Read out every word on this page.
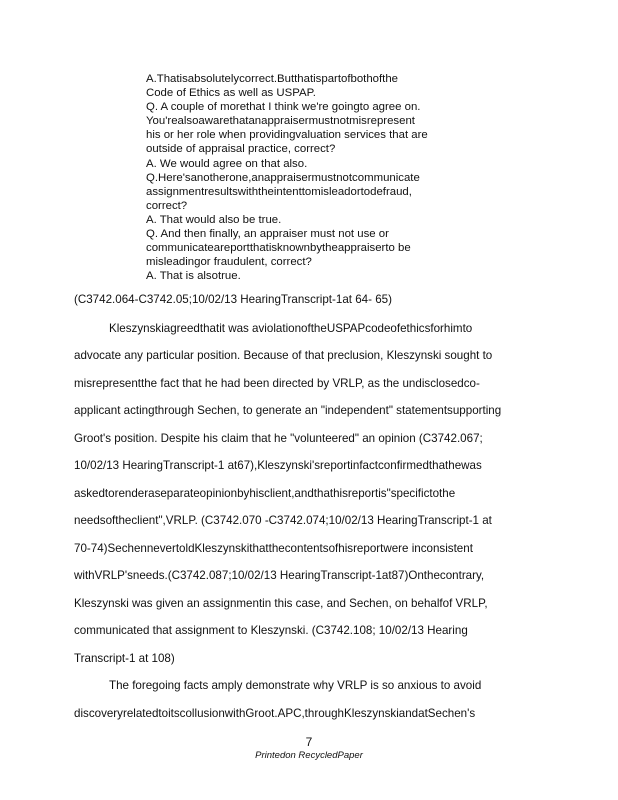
A.Thatisabsolutelycorrect.Butthatispartofbothofthe
Code of Ethics as well as USPAP.
Q. A couple of morethat I think we're goingto agree on.
You'realsoawarethatanappraisermustnotmisrepresent
his or her role when providingvaluation services that are
outside of appraisal practice, correct?
A. We would agree on that also.
Q.Here'sanotherone,anappraisermustnotcommunicate
assignmentresultswiththeintenttomisleadortodefraud,
correct?
A. That would also be true.
Q. And then finally, an appraiser must not use or
communicateareportthatisknownbytheappraiserto be
misleadingor fraudulent, correct?
A. That is alsotrue.
(C3742.064-C3742.05;10/02/13 HearingTranscript-1at 64- 65)
Kleszynskiagreedthatit was aviolationoftheUSPAPcodeofethicsforhimto
advocate any particular position. Because of that preclusion, Kleszynski sought to
misrepresentthe fact that he had been directed by VRLP, as the undisclosedco-
applicant actingthrough Sechen, to generate an "independent" statementsupporting
Groot's position. Despite his claim that he "volunteered" an opinion (C3742.067;
10/02/13 HearingTranscript-1 at67),Kleszynski'sreportinfactconfirmedthathewas
askedtorenderaseparateopinionbyhisclient,andthathisreportis"specifictothe
needsoftheclient",VRLP. (C3742.070 -C3742.074;10/02/13 HearingTranscript-1 at
70-74)SechennevertoldKleszynskithatthecontentsofhisreportwere inconsistent
withVRLP'sneeds.(C3742.087;10/02/13 HearingTranscript-1at87)Onthecontrary,
Kleszynski was given an assignmentin this case, and Sechen, on behalfof VRLP,
communicated that assignment to Kleszynski. (C3742.108; 10/02/13 Hearing
Transcript-1 at 108)
The foregoing facts amply demonstrate why VRLP is so anxious to avoid
discoveryrelatedtoitscollusionwithGroot.APC,throughKleszynskiandatSechen's
7
Printedon RecycledPaper
